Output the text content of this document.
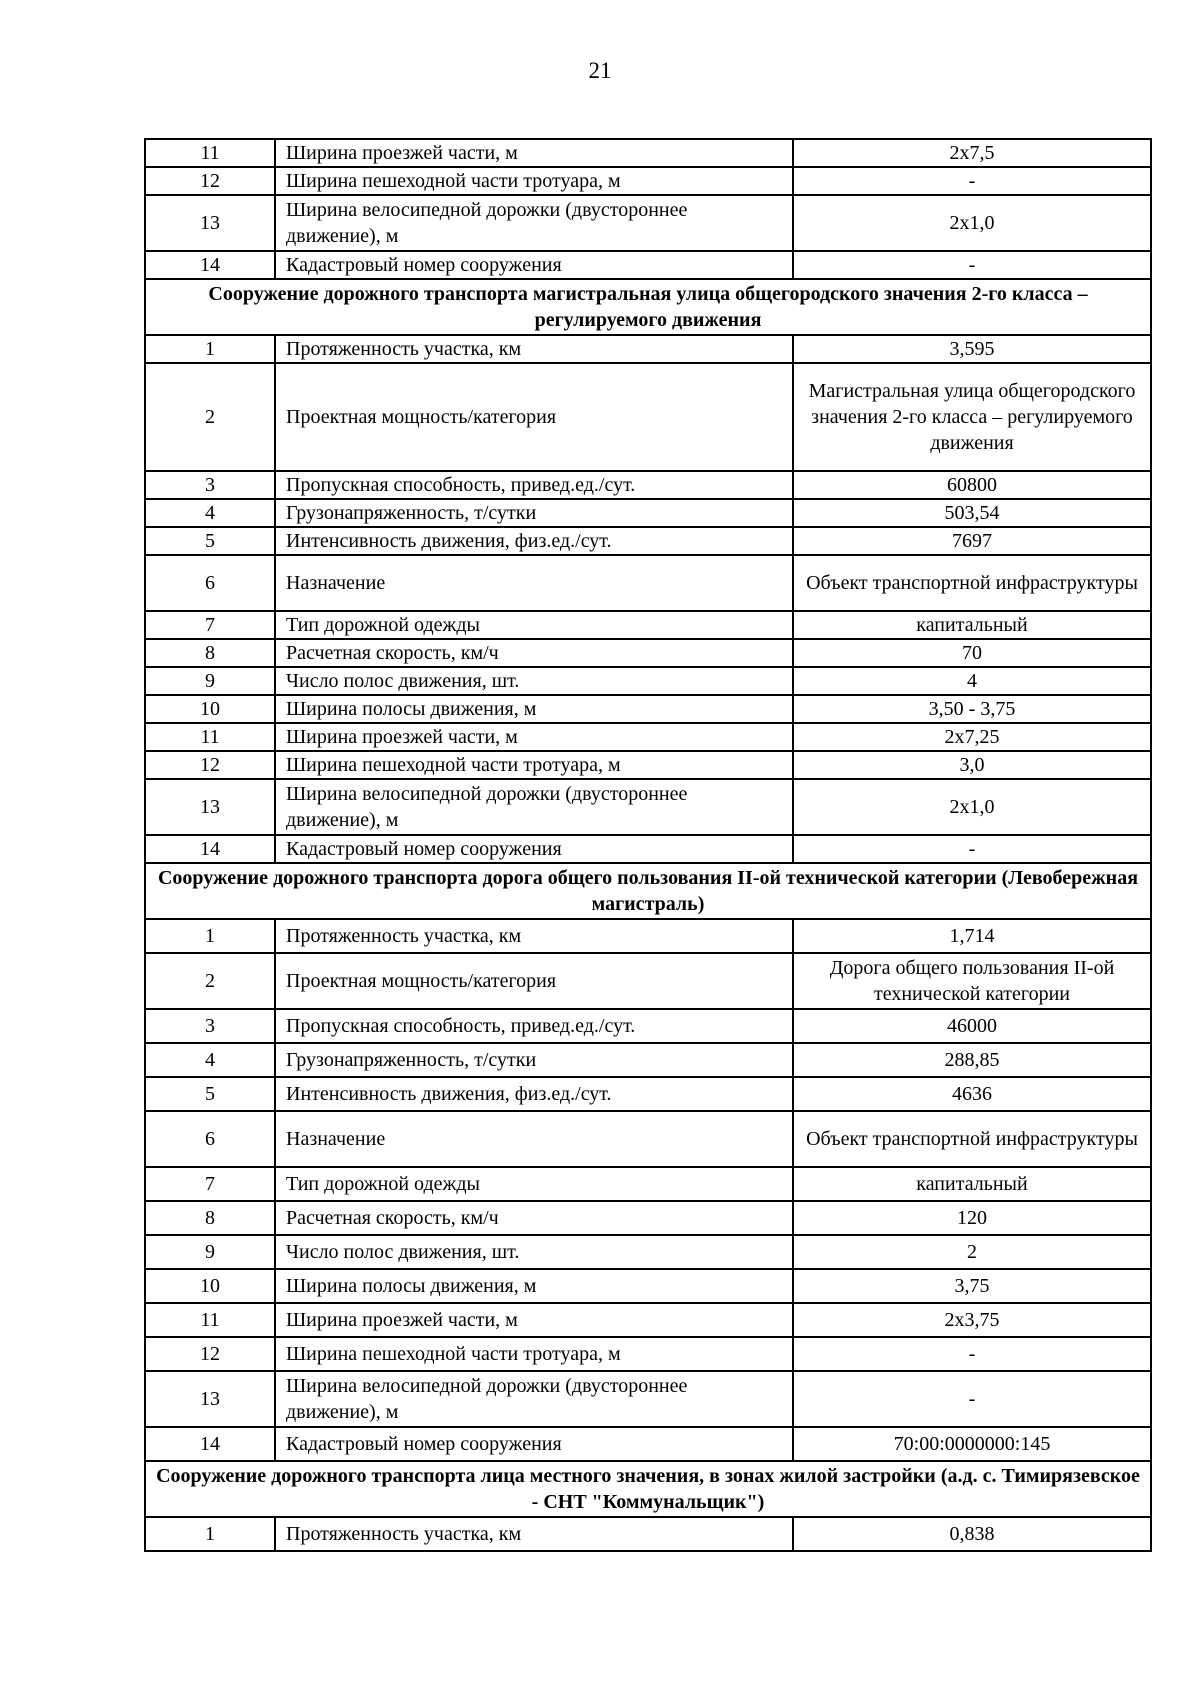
21
11	Ширина проезжей части, м	2х7,5
12	Ширина пешеходной части тротуара, м	-
13	Ширина велосипедной дорожки (двустороннее движение), м	2х1,0
14	Кадастровый номер сооружения	-
Сооружение дорожного транспорта магистральная улица общегородского значения 2-го класса – регулируемого движения		
1	Протяженность участка, км	3,595
2	Проектная мощность/категория	Магистральная улица общегородского значения 2-го класса – регулируемого движения
3	Пропускная способность, привед.ед./сут.	60800
4	Грузонапряженность, т/сутки	503,54
5	Интенсивность движения, физ.ед./сут.	7697
6	Назначение	Объект транспортной инфраструктуры
7	Тип дорожной одежды	капитальный
8	Расчетная скорость, км/ч	70
9	Число полос движения, шт.	4
10	Ширина полосы движения, м	3,50 - 3,75
11	Ширина проезжей части, м	2х7,25
12	Ширина пешеходной части тротуара, м	3,0
13	Ширина велосипедной дорожки (двустороннее движение), м	2х1,0
14	Кадастровый номер сооружения	-
Сооружение дорожного транспорта дорога общего пользования II-ой технической категории (Левобережная магистраль)		
1	Протяженность участка, км	1,714
2	Проектная мощность/категория	Дорога общего пользования II-ой технической категории
3	Пропускная способность, привед.ед./сут.	46000
4	Грузонапряженность, т/сутки	288,85
5	Интенсивность движения, физ.ед./сут.	4636
6	Назначение	Объект транспортной инфраструктуры
7	Тип дорожной одежды	капитальный
8	Расчетная скорость, км/ч	120
9	Число полос движения, шт.	2
10	Ширина полосы движения, м	3,75
11	Ширина проезжей части, м	2х3,75
12	Ширина пешеходной части тротуара, м	-
13	Ширина велосипедной дорожки (двустороннее движение), м	-
14	Кадастровый номер сооружения	70:00:0000000:145
Сооружение дорожного транспорта лица местного значения, в зонах жилой застройки (а.д. с. Тимирязевское - СНТ "Коммунальщик")		
1	Протяженность участка, км	0,838
